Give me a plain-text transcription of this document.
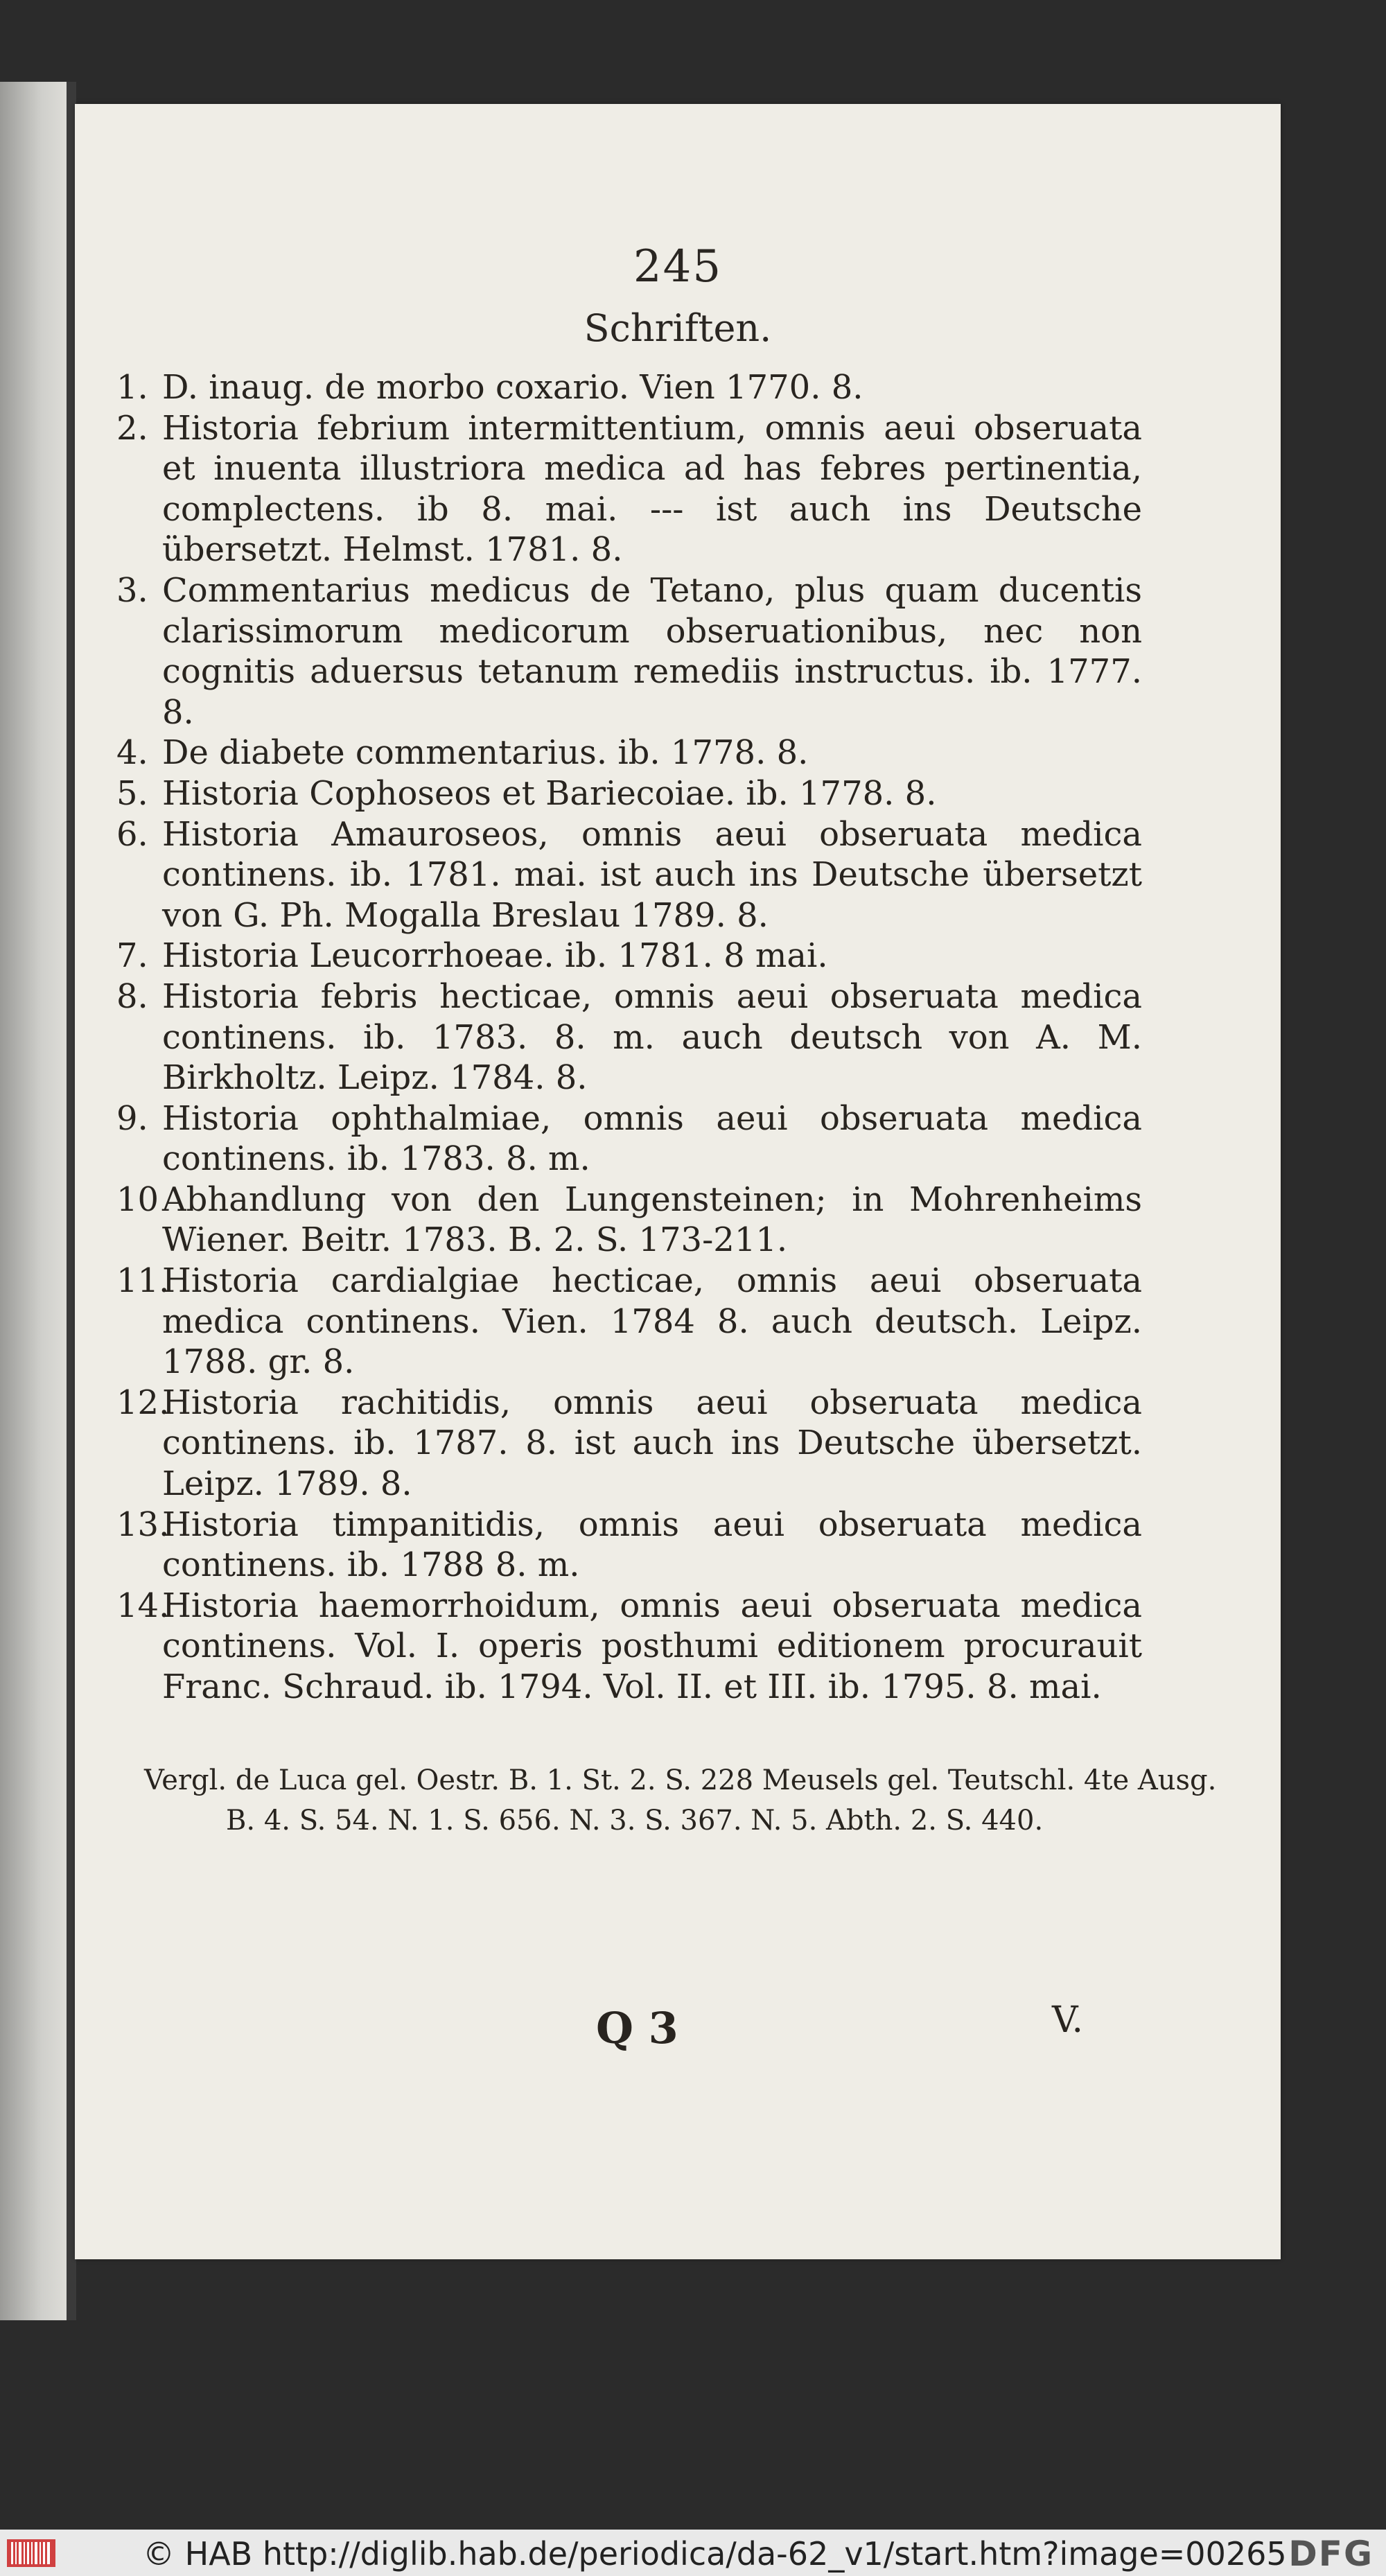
245
Schriften.
1. D. inaug. de morbo coxario. Vien 1770. 8.
2. Historia febrium intermittentium, omnis aeui obseruata et inuenta illustriora medica ad has febres pertinentia, complectens. ib 8. mai. --- ist auch ins Deutsche übersetzt. Helmst. 1781. 8.
3. Commentarius medicus de Tetano, plus quam ducentis clarissimorum medicorum obseruationibus, nec non cognitis aduersus tetanum remediis instructus. ib. 1777. 8.
4. De diabete commentarius. ib. 1778. 8.
5. Historia Cophoseos et Bariecoiae. ib. 1778. 8.
6. Historia Amauroseos, omnis aeui obseruata medica continens. ib. 1781. mai. ist auch ins Deutsche übersetzt von G. Ph. Mogalla Breslau 1789. 8.
7. Historia Leucorrhoeae. ib. 1781. 8 mai.
8. Historia febris hecticae, omnis aeui obseruata medica continens. ib. 1783. 8. m. auch deutsch von A. M. Birkholtz. Leipz. 1784. 8.
9. Historia ophthalmiae, omnis aeui obseruata medica continens. ib. 1783. 8. m.
10 Abhandlung von den Lungensteinen; in Mohrenheims Wiener. Beitr. 1783. B. 2. S. 173-211.
11.
Historia cardialgiae hecticae, omnis aeui obseruata medica continens. Vien. 1784 8. auch deutsch. Leipz. 1788. gr. 8.
12.
Historia rachitidis, omnis aeui obseruata medica continens. ib. 1787. 8. ist auch ins Deutsche übersetzt. Leipz. 1789. 8.
13.
Historia timpanitidis, omnis aeui obseruata medica continens. ib. 1788 8. m.
14.
Historia haemorrhoidum, omnis aeui obseruata medica continens. Vol. I. operis posthumi editionem procurauit Franc. Schraud. ib. 1794. Vol. II. et III. ib. 1795. 8. mai.
Vergl. de Luca gel. Oestr. B. 1. St. 2. S. 228 Meusels gel. Teutschl. 4te Ausg. B. 4. S. 54. N. 1. S. 656. N. 3. S. 367. N. 5. Abth. 2. S. 440.
Q 3	V.
© HAB http://diglib.hab.de/periodica/da-62_v1/start.htm?image=00265 DFG
